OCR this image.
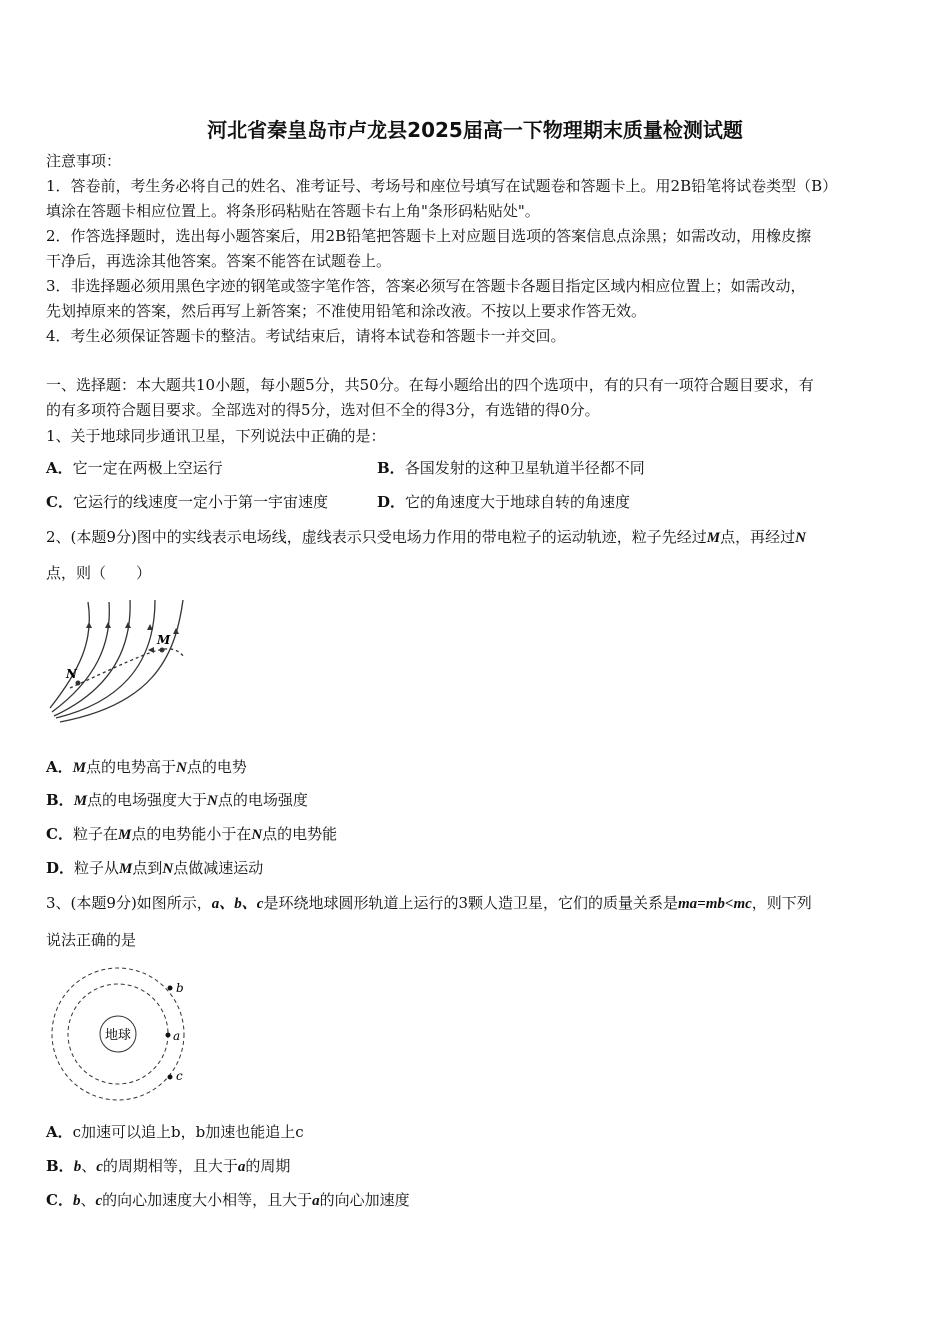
河北省秦皇岛市卢龙县2025届高一下物理期末质量检测试题
注意事项：
1．答卷前，考生务必将自己的姓名、准考证号、考场号和座位号填写在试题卷和答题卡上。用2B铅笔将试卷类型（B）
填涂在答题卡相应位置上。将条形码粘贴在答题卡右上角"条形码粘贴处"。
2．作答选择题时，选出每小题答案后，用2B铅笔把答题卡上对应题目选项的答案信息点涂黑；如需改动，用橡皮擦
干净后，再选涂其他答案。答案不能答在试题卷上。
3．非选择题必须用黑色字迹的钢笔或签字笔作答，答案必须写在答题卡各题目指定区域内相应位置上；如需改动，
先划掉原来的答案，然后再写上新答案；不准使用铅笔和涂改液。不按以上要求作答无效。
4．考生必须保证答题卡的整洁。考试结束后，请将本试卷和答题卡一并交回。
一、选择题：本大题共10小题，每小题5分，共50分。在每小题给出的四个选项中，有的只有一项符合题目要求，有
的有多项符合题目要求。全部选对的得5分，选对但不全的得3分，有选错的得0分。
1、关于地球同步通讯卫星，下列说法中正确的是：
A．它一定在两极上空运行	B．各国发射的这种卫星轨道半径都不同
C．它运行的线速度一定小于第一宇宙速度	D．它的角速度大于地球自转的角速度
2、(本题9分)图中的实线表示电场线，虚线表示只受电场力作用的带电粒子的运动轨迹，粒子先经过M点，再经过N
点，则（　　）
N
M
A．M点的电势高于N点的电势
B．M点的电场强度大于N点的电场强度
C．粒子在M点的电势能小于在N点的电势能
D．粒子从M点到N点做减速运动
3、(本题9分)如图所示，a、b、c是环绕地球圆形轨道上运行的3颗人造卫星，它们的质量关系是ma=mb<mc，则下列
说法正确的是
地球	a
b
c
A．c加速可以追上b，b加速也能追上c
B．b、c的周期相等，且大于a的周期
C．b、c的向心加速度大小相等，且大于a的向心加速度
